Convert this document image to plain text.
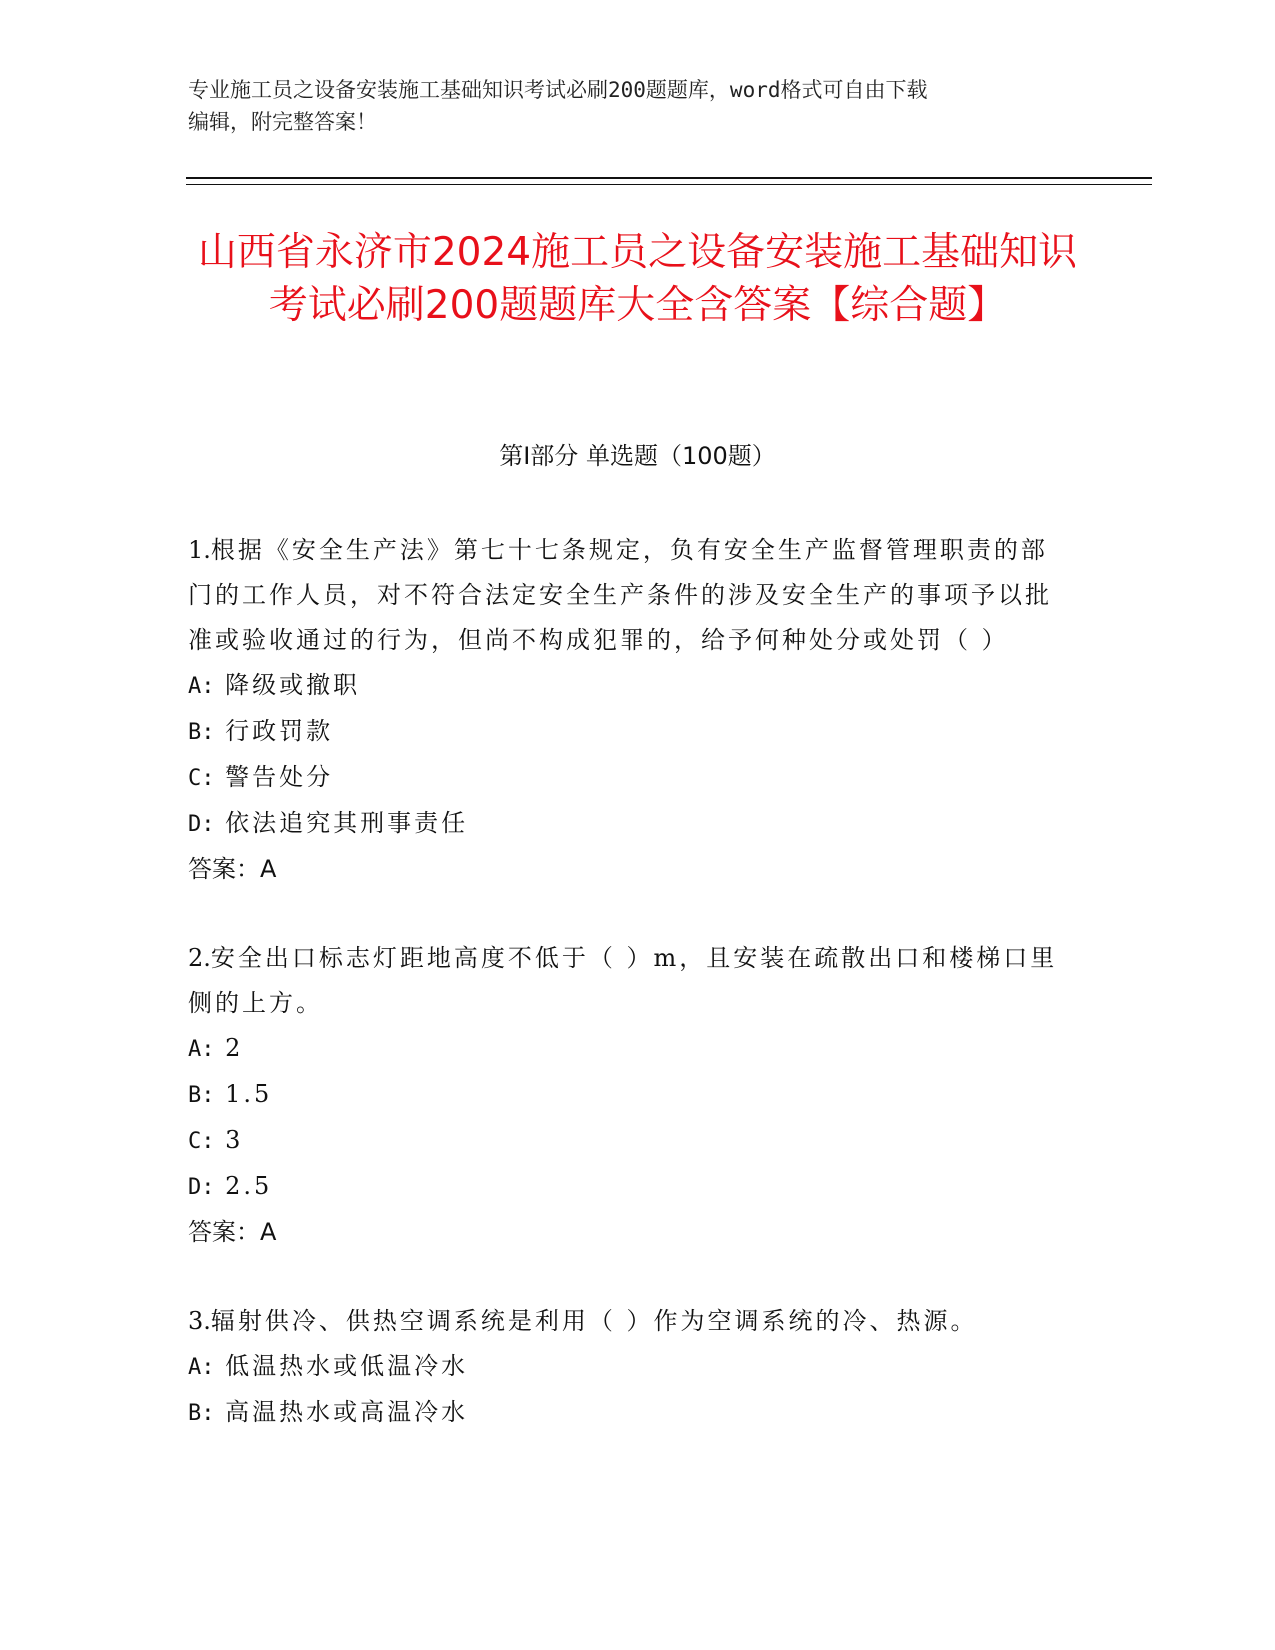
专业施工员之设备安装施工基础知识考试必刷200题题库，word格式可自由下载
编辑，附完整答案！
山西省永济市2024施工员之设备安装施工基础知识考试必刷200题题库大全含答案【综合题】
第I部分 单选题（100题）
1.根据《安全生产法》第七十七条规定，负有安全生产监督管理职责的部门的工作人员，对不符合法定安全生产条件的涉及安全生产的事项予以批准或验收通过的行为，但尚不构成犯罪的，给予何种处分或处罚（ ）
A: 降级或撤职
B: 行政罚款
C: 警告处分
D: 依法追究其刑事责任
答案：A
2.安全出口标志灯距地高度不低于（ ）m，且安装在疏散出口和楼梯口里侧的上方。
A: 2
B: 1.5
C: 3
D: 2.5
答案：A
3.辐射供冷、供热空调系统是利用（ ）作为空调系统的冷、热源。
A: 低温热水或低温冷水
B: 高温热水或高温冷水
